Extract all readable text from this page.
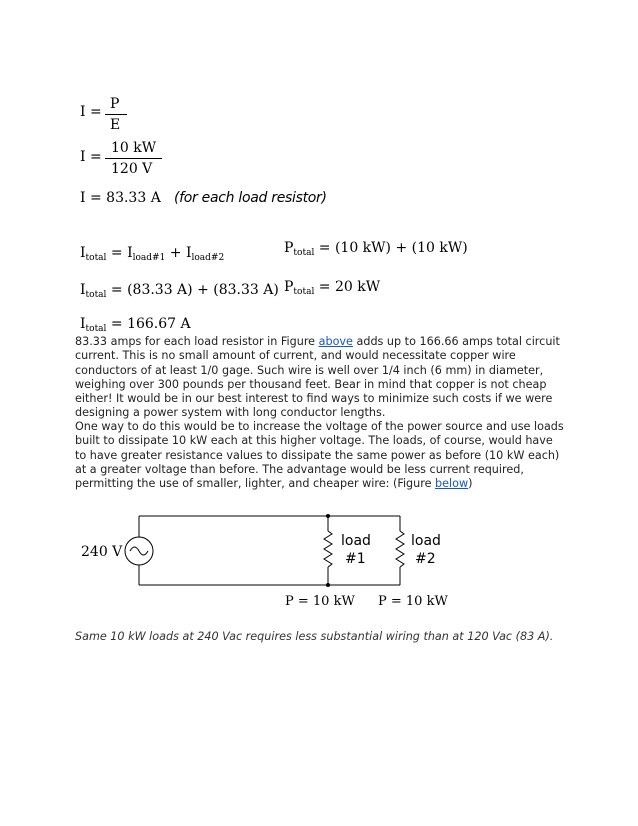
I = P
E
I =
10 kW
120 V
I = 83.33 A (for each load resistor)
$I_{total} = I_{load\#1} + I_{load\#2}$
$P_{total} = (10$ kW) + (10 kW)
$I_{total} = (83.33$ A) + (83.33 A) $P_{total} = 20$ kW
$I_{total} = 166.67$ A

83.33 amps for each load resistor in Figure above adds up to 166.66 amps total circuit current. This is no small amount of current, and would necessitate copper wire conductors of at least 1/0 gage. Such wire is well over 1/4 inch (6 mm) in diameter, weighing over 300 pounds per thousand feet. Bear in mind that copper is not cheap either! It would be in our best interest to find ways to minimize such costs if we were designing a power system with long conductor lengths.

One way to do this would be to increase the voltage of the power source and use loads built to dissipate 10 kW each at this higher voltage. The loads, of course, would have to have greater resistance values to dissipate the same power as before (10 kW each) at a greater voltage than before. The advantage would be less current required, permitting the use of smaller, lighter, and cheaper wire: (Figure below)

240 V
load
#1
load
#2
P = 10 kW P = 10 kW
Same 10 kW loads at 240 Vac requires less substantial wiring than at 120 Vac (83 A).
